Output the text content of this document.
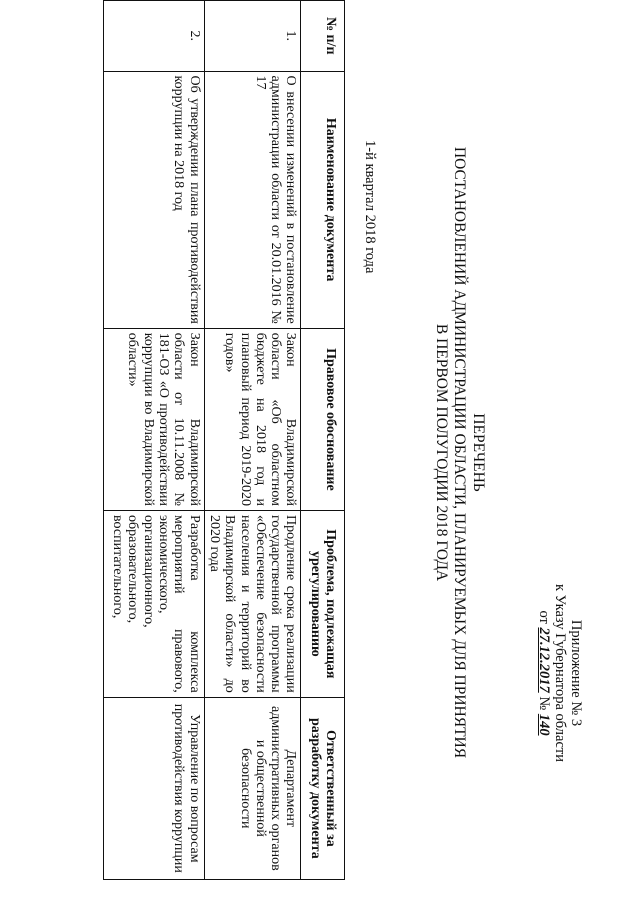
Приложение № 3
к Указу Губернатора области
от 27.12.2017 № 140
ПЕРЕЧЕНЬ
ПОСТАНОВЛЕНИЙ АДМИНИСТРАЦИИ ОБЛАСТИ, ПЛАНИРУЕМЫХ ДЛЯ ПРИНЯТИЯ
В ПЕРВОМ ПОЛУГОДИИ 2018 ГОДА
1-й квартал 2018 года
№ п/п	Наименование документа	Правовое обоснование	Проблема, подлежащая урегулированию	Ответственный за разработку документа
1.	О внесении изменений в постановление администрации области от 20.01.2016 № 17	Закон Владимирской области «Об областном бюджете на 2018 год и плановый период 2019-2020 годов»	Продление срока реализации государственной программы «Обеспечение безопасности населения и территорий во Владимирской области» до 2020 года	Департамент административных органов и общественной безопасности
2.	Об утверждении плана противодействия коррупции на 2018 год	Закон Владимирской области от 10.11.2008 № 181-ОЗ «О противодействии коррупции во Владимирской области»	Разработка комплекса мероприятий правового, экономического, организационного, образовательного, воспитательного,	Управление по вопросам противодействия коррупции
